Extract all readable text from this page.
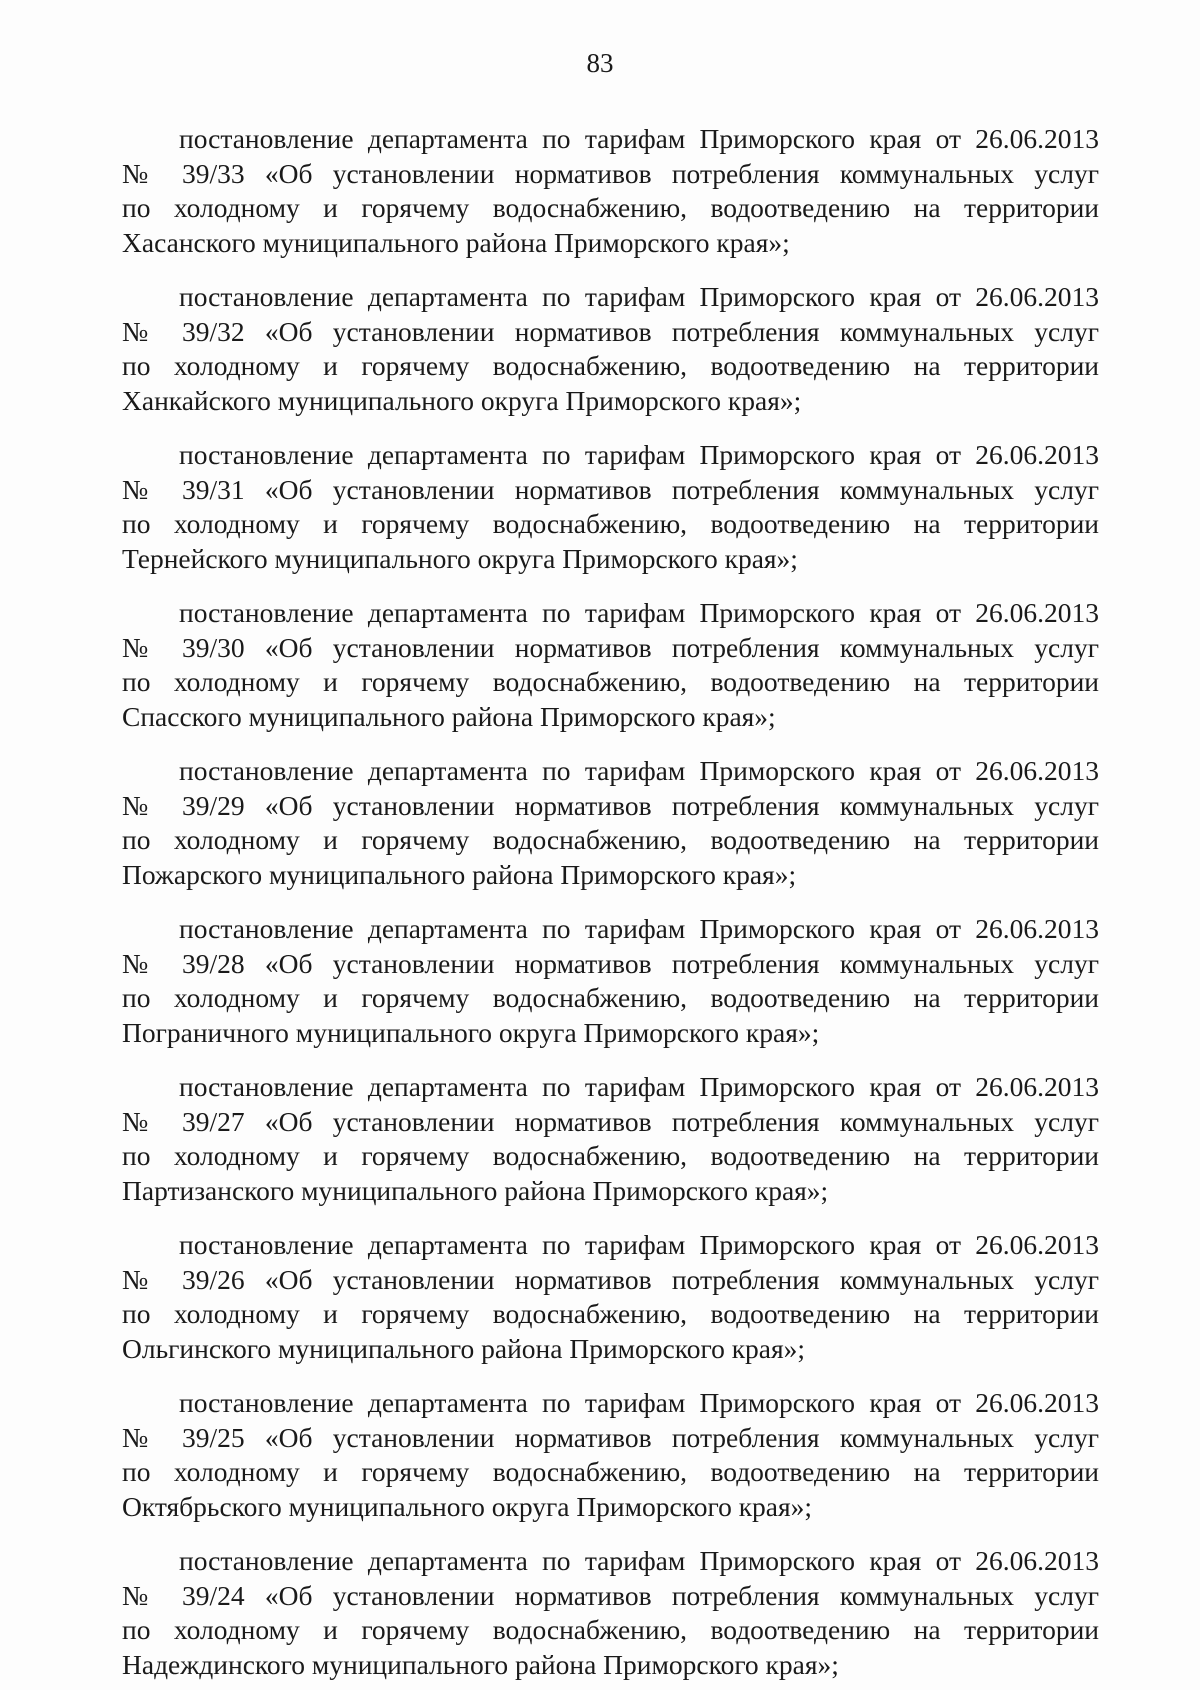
83
постановление департамента по тарифам Приморского края от 26.06.2013
№ 39/33 «Об установлении нормативов потребления коммунальных услуг
по холодному и горячему водоснабжению, водоотведению на территории
Хасанского муниципального района Приморского края»;
постановление департамента по тарифам Приморского края от 26.06.2013
№ 39/32 «Об установлении нормативов потребления коммунальных услуг
по холодному и горячему водоснабжению, водоотведению на территории
Ханкайского муниципального округа Приморского края»;
постановление департамента по тарифам Приморского края от 26.06.2013
№ 39/31 «Об установлении нормативов потребления коммунальных услуг
по холодному и горячему водоснабжению, водоотведению на территории
Тернейского муниципального округа Приморского края»;
постановление департамента по тарифам Приморского края от 26.06.2013
№ 39/30 «Об установлении нормативов потребления коммунальных услуг
по холодному и горячему водоснабжению, водоотведению на территории
Спасского муниципального района Приморского края»;
постановление департамента по тарифам Приморского края от 26.06.2013
№ 39/29 «Об установлении нормативов потребления коммунальных услуг
по холодному и горячему водоснабжению, водоотведению на территории
Пожарского муниципального района Приморского края»;
постановление департамента по тарифам Приморского края от 26.06.2013
№ 39/28 «Об установлении нормативов потребления коммунальных услуг
по холодному и горячему водоснабжению, водоотведению на территории
Пограничного муниципального округа Приморского края»;
постановление департамента по тарифам Приморского края от 26.06.2013
№ 39/27 «Об установлении нормативов потребления коммунальных услуг
по холодному и горячему водоснабжению, водоотведению на территории
Партизанского муниципального района Приморского края»;
постановление департамента по тарифам Приморского края от 26.06.2013
№ 39/26 «Об установлении нормативов потребления коммунальных услуг
по холодному и горячему водоснабжению, водоотведению на территории
Ольгинского муниципального района Приморского края»;
постановление департамента по тарифам Приморского края от 26.06.2013
№ 39/25 «Об установлении нормативов потребления коммунальных услуг
по холодному и горячему водоснабжению, водоотведению на территории
Октябрьского муниципального округа Приморского края»;
постановление департамента по тарифам Приморского края от 26.06.2013
№ 39/24 «Об установлении нормативов потребления коммунальных услуг
по холодному и горячему водоснабжению, водоотведению на территории
Надеждинского муниципального района Приморского края»;
